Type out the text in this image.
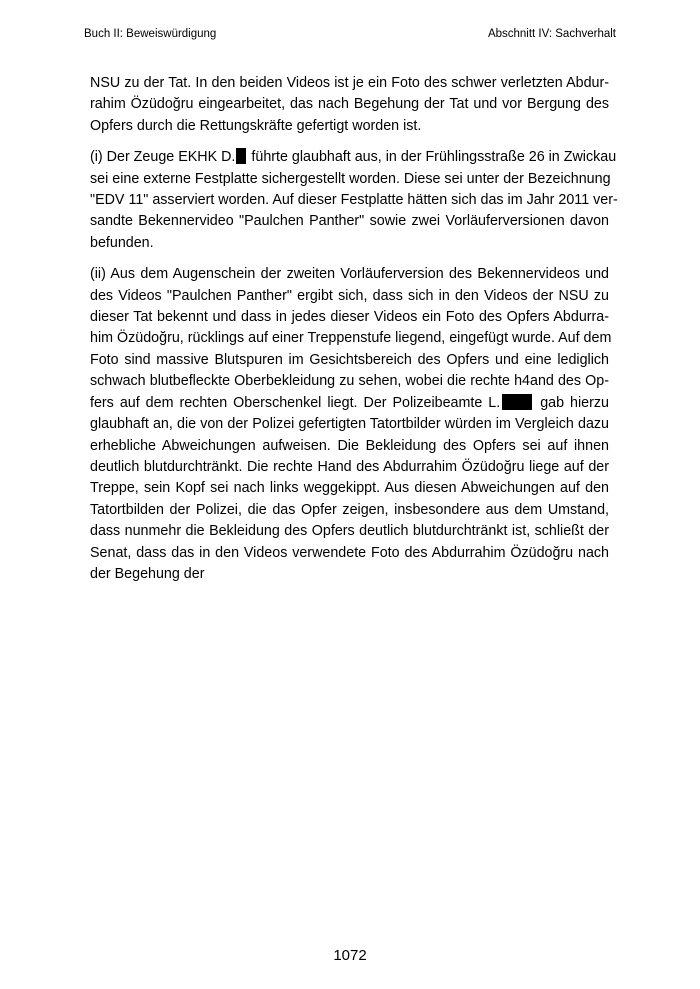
Buch II: Beweiswürdigung	Abschnitt IV: Sachverhalt

NSU zu der Tat. In den beiden Videos ist je ein Foto des schwer verletzten Abdur-
rahim Özüdoğru eingearbeitet, das nach Begehung der Tat und vor Bergung des
Opfers durch die Rettungskräfte gefertigt worden ist.

(i) Der Zeuge EKHK D. führte glaubhaft aus, in der Frühlingsstraße 26 in Zwickau
sei eine externe Festplatte sichergestellt worden. Diese sei unter der Bezeichnung
"EDV 11" asserviert worden. Auf dieser Festplatte hätten sich das im Jahr 2011 ver-
sandte Bekennervideo "Paulchen Panther" sowie zwei Vorläuferversionen davon
befunden.

(ii) Aus dem Augenschein der zweiten Vorläuferversion des Bekennervideos und
des Videos "Paulchen Panther" ergibt sich, dass sich in den Videos der NSU zu
dieser Tat bekennt und dass in jedes dieser Videos ein Foto des Opfers Abdurra-
him Özüdoğru, rücklings auf einer Treppenstufe liegend, eingefügt wurde. Auf dem
Foto sind massive Blutspuren im Gesichtsbereich des Opfers und eine lediglich
schwach blutbefleckte Oberbekleidung zu sehen, wobei die rechte h4and des Op-
fers auf dem rechten Oberschenkel liegt. Der Polizeibeamte L.	gab hierzu
glaubhaft an, die von der Polizei gefertigten Tatortbilder würden im Vergleich dazu
erhebliche Abweichungen aufweisen. Die Bekleidung des Opfers sei auf ihnen
deutlich blutdurchtränkt. Die rechte Hand des Abdurrahim Özüdoğru liege auf der
Treppe, sein Kopf sei nach links weggekippt. Aus diesen Abweichungen auf den
Tatortbilden der Polizei, die das Opfer zeigen, insbesondere aus dem Umstand,
dass nunmehr die Bekleidung des Opfers deutlich blutdurchtränkt ist, schließt der
Senat, dass das in den Videos verwendete Foto des Abdurrahim Özüdoğru nach
der Begehung der

1072
